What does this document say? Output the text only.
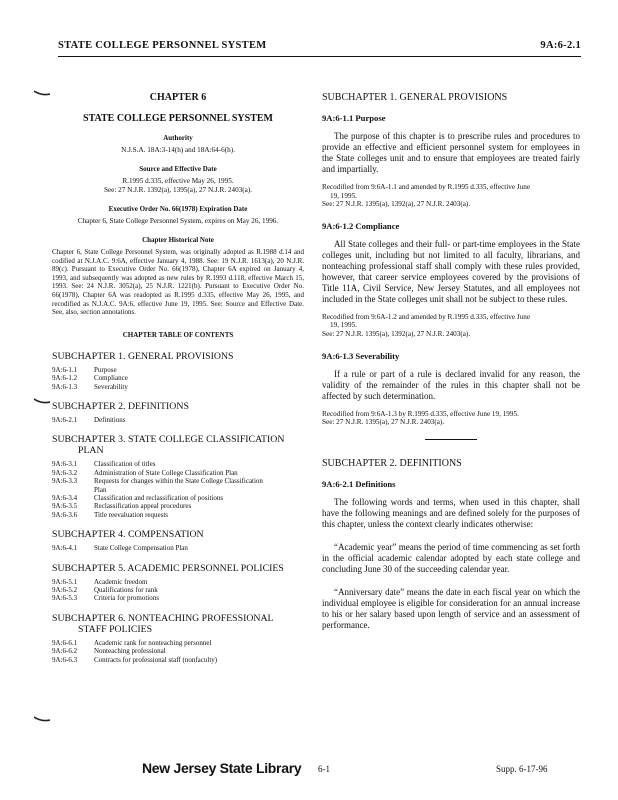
STATE COLLEGE PERSONNEL SYSTEM	9A:6-2.1
CHAPTER 6
STATE COLLEGE PERSONNEL SYSTEM
Authority
N.J.S.A. 18A:3-14(h) and 18A:64-6(h).
Source and Effective Date
R.1995 d.335, effective May 26, 1995.
See: 27 N.J.R. 1392(a), 1395(a), 27 N.J.R. 2403(a).
Executive Order No. 66(1978) Expiration Date
Chapter 6, State College Personnel System, expires on May 26, 1996.
Chapter Historical Note
Chapter 6, State College Personnel System, was originally adopted as R.1988 d.14 and codified at N.J.A.C. 9:6A, effective January 4, 1988. See: 19 N.J.R. 1613(a), 20 N.J.R. 89(c). Pursuant to Executive Order No. 66(1978), Chapter 6A expired on January 4, 1993, and subsequently was adopted as new rules by R.1993 d.118, effective March 15, 1993. See: 24 N.J.R. 3052(a), 25 N.J.R. 1221(b). Pursuant to Executive Order No. 66(1978), Chapter 6A was readopted as R.1995 d.335, effective May 26, 1995, and recodified as N.J.A.C. 9A:6, effective June 19, 1995. See: Source and Effective Date. See, also, section annotations.
CHAPTER TABLE OF CONTENTS
SUBCHAPTER 1. GENERAL PROVISIONS
9A:6-1.1	Purpose
9A:6-1.2	Compliance
9A:6-1.3	Severability
SUBCHAPTER 2. DEFINITIONS
9A:6-2.1	Definitions
SUBCHAPTER 3. STATE COLLEGE CLASSIFICATION
PLAN
9A:6-3.1	Classification of titles
9A:6-3.2	Administration of State College Classification Plan
9A:6-3.3	Requests for changes within the State College Classification
Plan
9A:6-3.4	Classification and reclassification of positions
9A:6-3.5	Reclassification appeal procedures
9A:6-3.6	Title reevaluation requests
SUBCHAPTER 4. COMPENSATION
9A:6-4.1	State College Compensation Plan
SUBCHAPTER 5. ACADEMIC PERSONNEL POLICIES
9A:6-5.1	Academic freedom
9A:6-5.2	Qualifications for rank
9A:6-5.3	Criteria for promotions
SUBCHAPTER 6. NONTEACHING PROFESSIONAL
STAFF POLICIES
9A:6-6.1	Academic rank for nonteaching personnel
9A:6-6.2	Nonteaching professional
9A:6-6.3	Contracts for professional staff (nonfaculty)
SUBCHAPTER 1. GENERAL PROVISIONS
9A:6-1.1 Purpose

The purpose of this chapter is to prescribe rules and procedures to provide an effective and efficient personnel system for employees in the State colleges unit and to ensure that employees are treated fairly and impartially.

Recodified from 9:6A-1.1 and amended by R.1995 d.335, effective June
19, 1995.
See: 27 N.J.R. 1395(a), 1392(a), 27 N.J.R. 2403(a).
9A:6-1.2 Compliance

All State colleges and their full- or part-time employees in the State colleges unit, including but not limited to all faculty, librarians, and nonteaching professional staff shall comply with these rules provided, however, that career service employees covered by the provisions of Title 11A, Civil Service, New Jersey Statutes, and all employees not included in the State colleges unit shall not be subject to these rules.

Recodified from 9:6A-1.2 and amended by R.1995 d.335, effective June
19, 1995.
See: 27 N.J.R. 1395(a), 1392(a), 27 N.J.R. 2403(a).
9A:6-1.3 Severability

If a rule or part of a rule is declared invalid for any reason, the validity of the remainder of the rules in this chapter shall not be affected by such determination.

Recodified from 9:6A-1.3 by R.1995 d.335, effective June 19, 1995.
See: 27 N.J.R. 1395(a), 27 N.J.R. 2403(a).
SUBCHAPTER 2. DEFINITIONS
9A:6-2.1 Definitions

The following words and terms, when used in this chapter, shall have the following meanings and are defined solely for the purposes of this chapter, unless the context clearly indicates otherwise:

“Academic year” means the period of time commencing as set forth in the official academic calendar adopted by each state college and concluding June 30 of the succeeding calendar year.

“Anniversary date” means the date in each fiscal year on which the individual employee is eligible for consideration for an annual increase to his or her salary based upon length of service and an assessment of performance.

New Jersey State Library 6-1	Supp. 6-17-96
